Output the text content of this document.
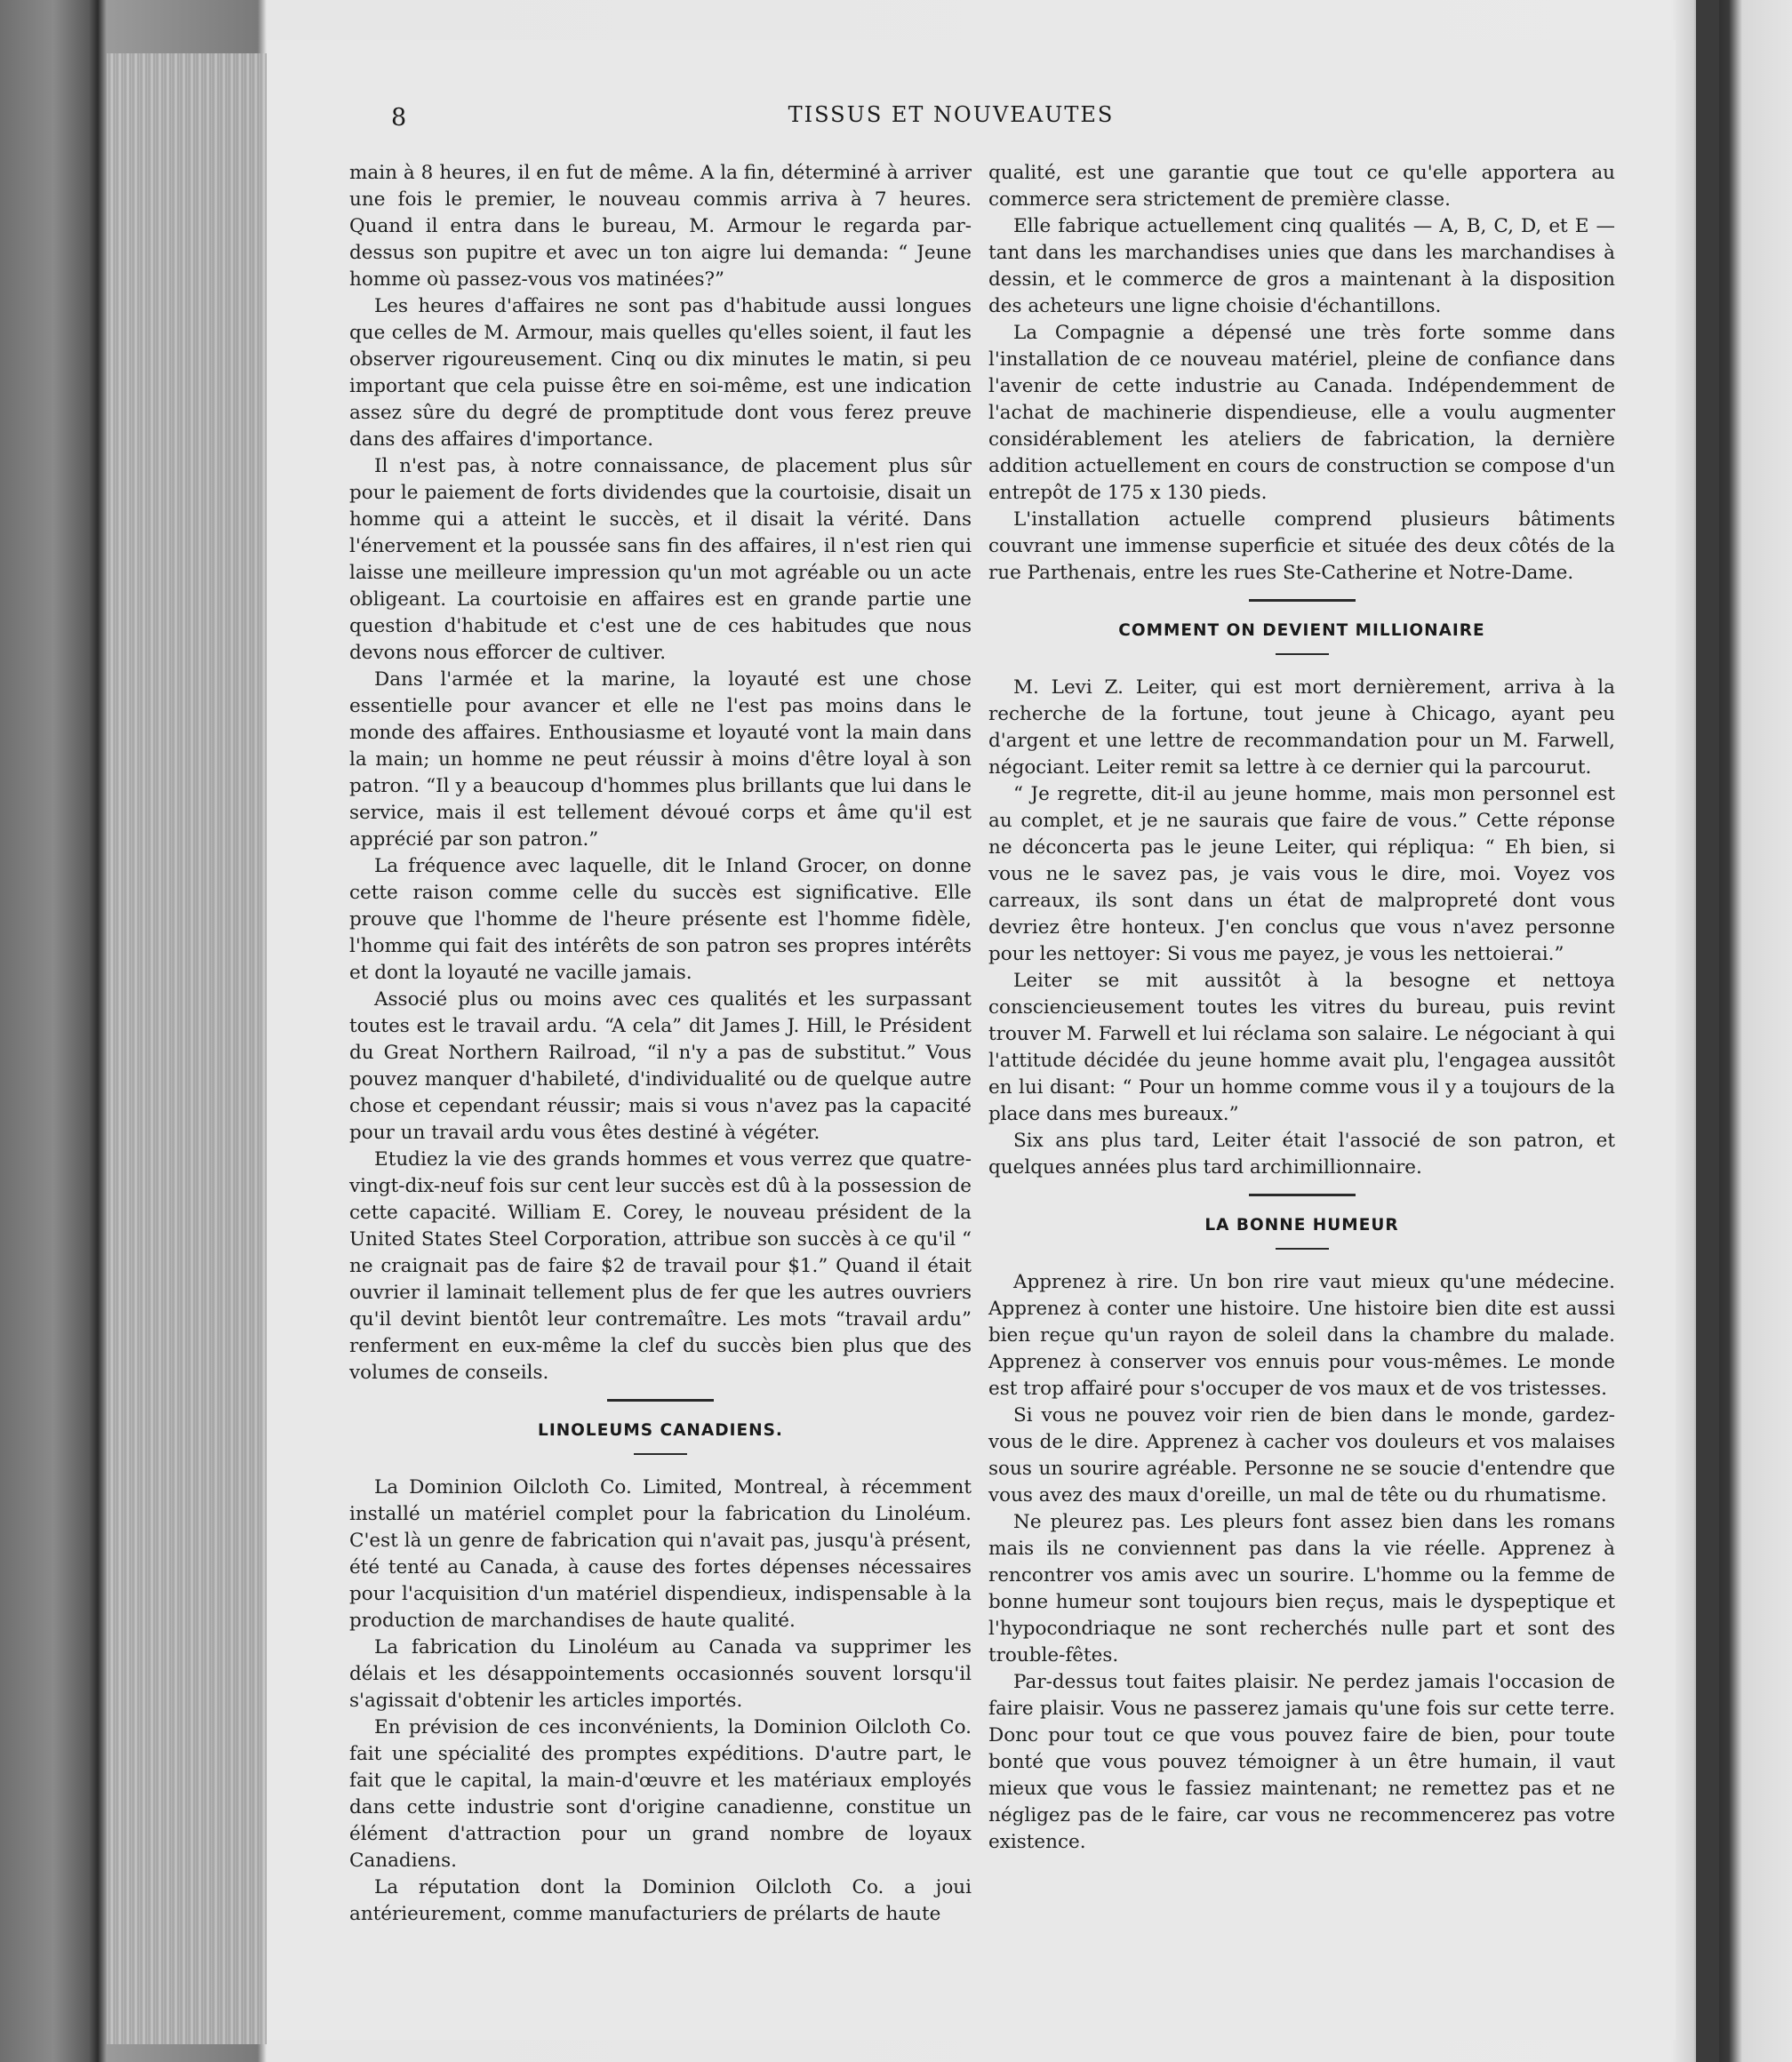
8	TISSUS ET NOUVEAUTES

main à 8 heures, il en fut de même. A la fin, déterminé à arriver une fois le premier, le nouveau commis arriva à 7 heures. Quand il entra dans le bureau, M. Armour le regarda par-dessus son pupitre et avec un ton aigre lui demanda: “ Jeune homme où passez-vous vos matinées?”

Les heures d'affaires ne sont pas d'habitude aussi longues que celles de M. Armour, mais quelles qu'elles soient, il faut les observer rigoureusement. Cinq ou dix minutes le matin, si peu important que cela puisse être en soi-même, est une indication assez sûre du degré de promptitude dont vous ferez preuve dans des affaires d'importance.

Il n'est pas, à notre connaissance, de placement plus sûr pour le paiement de forts dividendes que la courtoisie, disait un homme qui a atteint le succès, et il disait la vérité. Dans l'énervement et la poussée sans fin des affaires, il n'est rien qui laisse une meilleure impression qu'un mot agréable ou un acte obligeant. La courtoisie en affaires est en grande partie une question d'habitude et c'est une de ces habitudes que nous devons nous efforcer de cultiver.

Dans l'armée et la marine, la loyauté est une chose essentielle pour avancer et elle ne l'est pas moins dans le monde des affaires. Enthousiasme et loyauté vont la main dans la main; un homme ne peut réussir à moins d'être loyal à son patron. “Il y a beaucoup d'hommes plus brillants que lui dans le service, mais il est tellement dévoué corps et âme qu'il est apprécié par son patron.”

La fréquence avec laquelle, dit le Inland Grocer, on donne cette raison comme celle du succès est significative. Elle prouve que l'homme de l'heure présente est l'homme fidèle, l'homme qui fait des intérêts de son patron ses propres intérêts et dont la loyauté ne vacille jamais.

Associé plus ou moins avec ces qualités et les surpassant toutes est le travail ardu. “A cela” dit James J. Hill, le Président du Great Northern Railroad, “il n'y a pas de substitut.” Vous pouvez manquer d'habileté, d'individualité ou de quelque autre chose et cependant réussir; mais si vous n'avez pas la capacité pour un travail ardu vous êtes destiné à végéter.

Etudiez la vie des grands hommes et vous verrez que quatre-vingt-dix-neuf fois sur cent leur succès est dû à la possession de cette capacité. William E. Corey, le nouveau président de la United States Steel Corporation, attribue son succès à ce qu'il “ ne craignait pas de faire $2 de travail pour $1.” Quand il était ouvrier il laminait tellement plus de fer que les autres ouvriers qu'il devint bientôt leur contremaître. Les mots “travail ardu” renferment en eux-même la clef du succès bien plus que des volumes de conseils.

LINOLEUMS CANADIENS.

La Dominion Oilcloth Co. Limited, Montreal, à récemment installé un matériel complet pour la fabrication du Linoléum. C'est là un genre de fabrication qui n'avait pas, jusqu'à présent, été tenté au Canada, à cause des fortes dépenses nécessaires pour l'acquisition d'un matériel dispendieux, indispensable à la production de marchandises de haute qualité.

La fabrication du Linoléum au Canada va supprimer les délais et les désappointements occasionnés souvent lorsqu'il s'agissait d'obtenir les articles importés.

En prévision de ces inconvénients, la Dominion Oilcloth Co. fait une spécialité des promptes expéditions. D'autre part, le fait que le capital, la main-d'œuvre et les matériaux employés dans cette industrie sont d'origine canadienne, constitue un élément d'attraction pour un grand nombre de loyaux Canadiens.

La réputation dont la Dominion Oilcloth Co. a joui antérieurement, comme manufacturiers de prélarts de haute

qualité, est une garantie que tout ce qu'elle apportera au commerce sera strictement de première classe.

Elle fabrique actuellement cinq qualités — A, B, C, D, et E — tant dans les marchandises unies que dans les marchandises à dessin, et le commerce de gros a maintenant à la disposition des acheteurs une ligne choisie d'échantillons.

La Compagnie a dépensé une très forte somme dans l'installation de ce nouveau matériel, pleine de confiance dans l'avenir de cette industrie au Canada. Indépendemment de l'achat de machinerie dispendieuse, elle a voulu augmenter considérablement les ateliers de fabrication, la dernière addition actuellement en cours de construction se compose d'un entrepôt de 175 x 130 pieds.

L'installation actuelle comprend plusieurs bâtiments couvrant une immense superficie et située des deux côtés de la rue Parthenais, entre les rues Ste-Catherine et Notre-Dame.

COMMENT ON DEVIENT MILLIONAIRE

M. Levi Z. Leiter, qui est mort dernièrement, arriva à la recherche de la fortune, tout jeune à Chicago, ayant peu d'argent et une lettre de recommandation pour un M. Farwell, négociant. Leiter remit sa lettre à ce dernier qui la parcourut.

“ Je regrette, dit-il au jeune homme, mais mon personnel est au complet, et je ne saurais que faire de vous.” Cette réponse ne déconcerta pas le jeune Leiter, qui répliqua: “ Eh bien, si vous ne le savez pas, je vais vous le dire, moi. Voyez vos carreaux, ils sont dans un état de malpropreté dont vous devriez être honteux. J'en conclus que vous n'avez personne pour les nettoyer: Si vous me payez, je vous les nettoierai.”

Leiter se mit aussitôt à la besogne et nettoya consciencieusement toutes les vitres du bureau, puis revint trouver M. Farwell et lui réclama son salaire. Le négociant à qui l'attitude décidée du jeune homme avait plu, l'engagea aussitôt en lui disant: “ Pour un homme comme vous il y a toujours de la place dans mes bureaux.”

Six ans plus tard, Leiter était l'associé de son patron, et quelques années plus tard archimillionnaire.

LA BONNE HUMEUR

Apprenez à rire. Un bon rire vaut mieux qu'une médecine. Apprenez à conter une histoire. Une histoire bien dite est aussi bien reçue qu'un rayon de soleil dans la chambre du malade. Apprenez à conserver vos ennuis pour vous-mêmes. Le monde est trop affairé pour s'occuper de vos maux et de vos tristesses.

Si vous ne pouvez voir rien de bien dans le monde, gardez-vous de le dire. Apprenez à cacher vos douleurs et vos malaises sous un sourire agréable. Personne ne se soucie d'entendre que vous avez des maux d'oreille, un mal de tête ou du rhumatisme.

Ne pleurez pas. Les pleurs font assez bien dans les romans mais ils ne conviennent pas dans la vie réelle. Apprenez à rencontrer vos amis avec un sourire. L'homme ou la femme de bonne humeur sont toujours bien reçus, mais le dyspeptique et l'hypocondriaque ne sont recherchés nulle part et sont des trouble-fêtes.

Par-dessus tout faites plaisir. Ne perdez jamais l'occasion de faire plaisir. Vous ne passerez jamais qu'une fois sur cette terre. Donc pour tout ce que vous pouvez faire de bien, pour toute bonté que vous pouvez témoigner à un être humain, il vaut mieux que vous le fassiez maintenant; ne remettez pas et ne négligez pas de le faire, car vous ne recommencerez pas votre existence.
